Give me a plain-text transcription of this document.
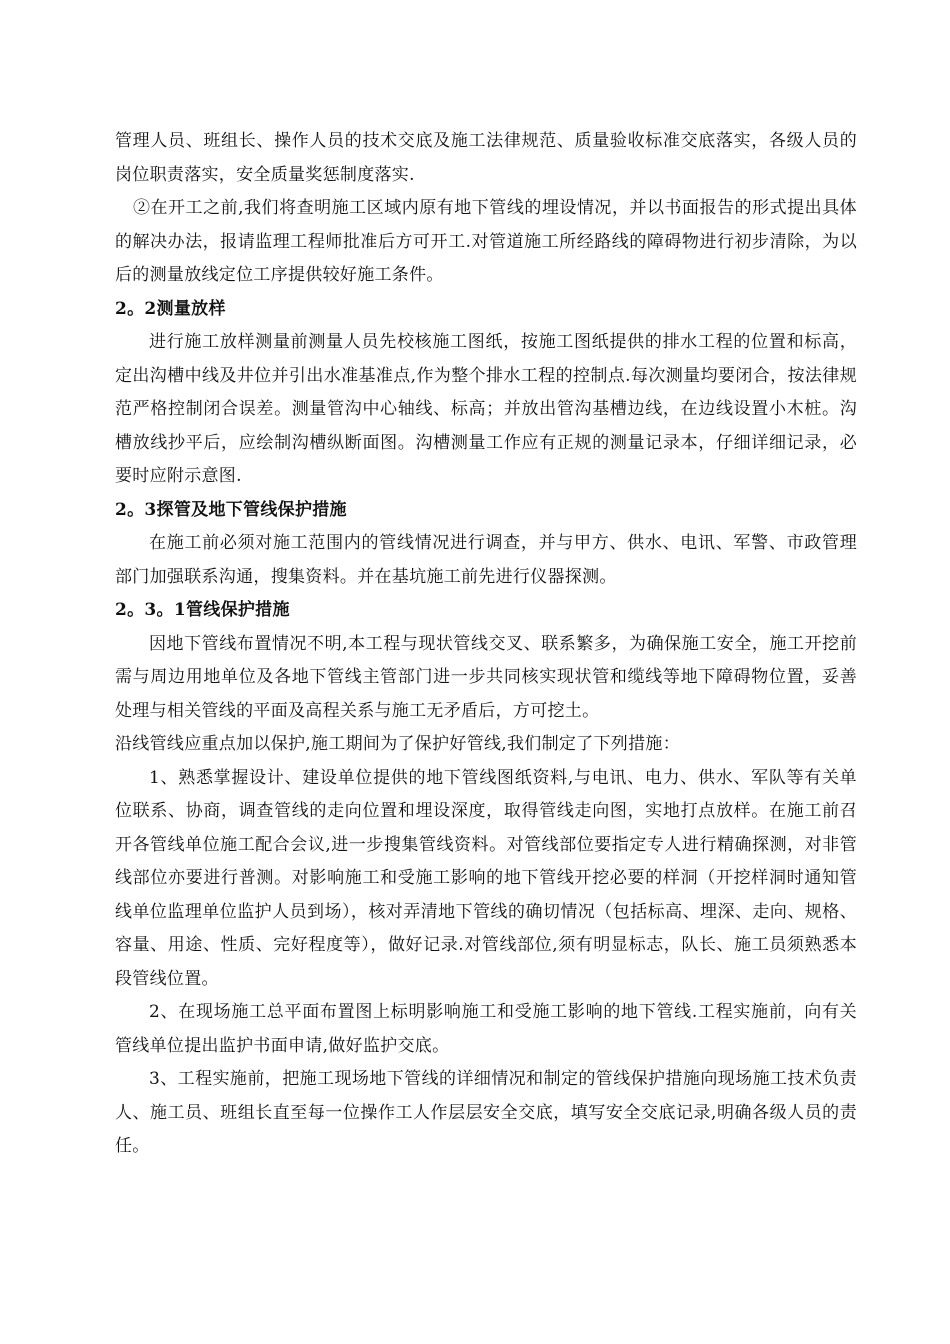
管理人员、班组长、操作人员的技术交底及施工法律规范、质量验收标准交底落实，各级人员的岗位职责落实，安全质量奖惩制度落实.

②在开工之前,我们将查明施工区域内原有地下管线的埋设情况，并以书面报告的形式提出具体的解决办法，报请监理工程师批准后方可开工.对管道施工所经路线的障碍物进行初步清除，为以后的测量放线定位工序提供较好施工条件。

2。2测量放样

进行施工放样测量前测量人员先校核施工图纸，按施工图纸提供的排水工程的位置和标高，定出沟槽中线及井位并引出水准基准点,作为整个排水工程的控制点.每次测量均要闭合，按法律规范严格控制闭合误差。测量管沟中心轴线、标高；并放出管沟基槽边线，在边线设置小木桩。沟槽放线抄平后，应绘制沟槽纵断面图。沟槽测量工作应有正规的测量记录本，仔细详细记录，必要时应附示意图.

2。3探管及地下管线保护措施

在施工前必须对施工范围内的管线情况进行调查，并与甲方、供水、电讯、军警、市政管理部门加强联系沟通，搜集资料。并在基坑施工前先进行仪器探测。

2。3。1管线保护措施

因地下管线布置情况不明,本工程与现状管线交叉、联系繁多，为确保施工安全，施工开挖前需与周边用地单位及各地下管线主管部门进一步共同核实现状管和缆线等地下障碍物位置，妥善处理与相关管线的平面及高程关系与施工无矛盾后，方可挖土。

沿线管线应重点加以保护,施工期间为了保护好管线,我们制定了下列措施：

1、熟悉掌握设计、建设单位提供的地下管线图纸资料,与电讯、电力、供水、军队等有关单位联系、协商，调查管线的走向位置和埋设深度，取得管线走向图，实地打点放样。在施工前召开各管线单位施工配合会议,进一步搜集管线资料。对管线部位要指定专人进行精确探测，对非管线部位亦要进行普测。对影响施工和受施工影响的地下管线开挖必要的样洞（开挖样洞时通知管线单位监理单位监护人员到场），核对弄清地下管线的确切情况（包括标高、埋深、走向、规格、容量、用途、性质、完好程度等），做好记录.对管线部位,须有明显标志，队长、施工员须熟悉本段管线位置。

2、在现场施工总平面布置图上标明影响施工和受施工影响的地下管线.工程实施前，向有关管线单位提出监护书面申请,做好监护交底。

3、工程实施前，把施工现场地下管线的详细情况和制定的管线保护措施向现场施工技术负责人、施工员、班组长直至每一位操作工人作层层安全交底，填写安全交底记录,明确各级人员的责任。
